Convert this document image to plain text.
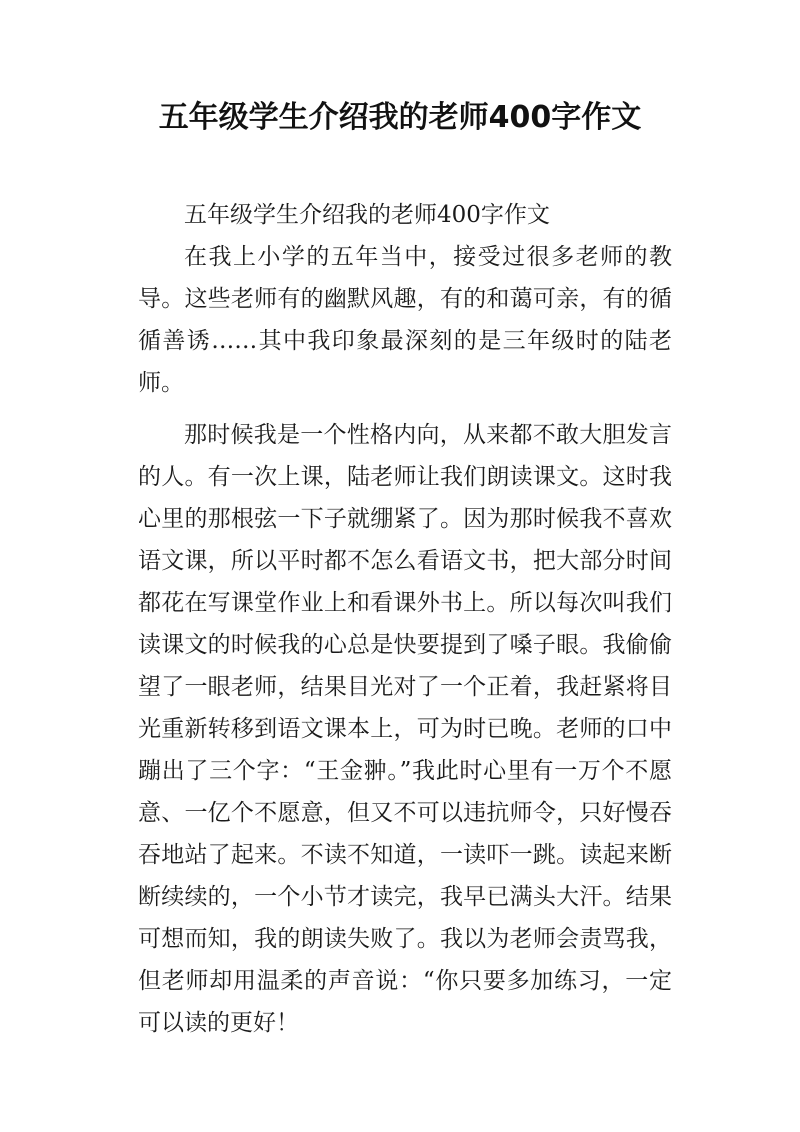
五年级学生介绍我的老师400字作文

五年级学生介绍我的老师400字作文

在我上小学的五年当中，接受过很多老师的教导。这些老师有的幽默风趣，有的和蔼可亲，有的循循善诱……其中我印象最深刻的是三年级时的陆老师。

那时候我是一个性格内向，从来都不敢大胆发言的人。有一次上课，陆老师让我们朗读课文。这时我心里的那根弦一下子就绷紧了。因为那时候我不喜欢语文课，所以平时都不怎么看语文书，把大部分时间都花在写课堂作业上和看课外书上。所以每次叫我们读课文的时候我的心总是快要提到了嗓子眼。我偷偷望了一眼老师，结果目光对了一个正着，我赶紧将目光重新转移到语文课本上，可为时已晚。老师的口中蹦出了三个字：“王金翀。”我此时心里有一万个不愿意、一亿个不愿意，但又不可以违抗师令，只好慢吞吞地站了起来。不读不知道，一读吓一跳。读起来断断续续的，一个小节才读完，我早已满头大汗。结果可想而知，我的朗读失败了。我以为老师会责骂我，但老师却用温柔的声音说：“你只要多加练习，一定可以读的更好！
